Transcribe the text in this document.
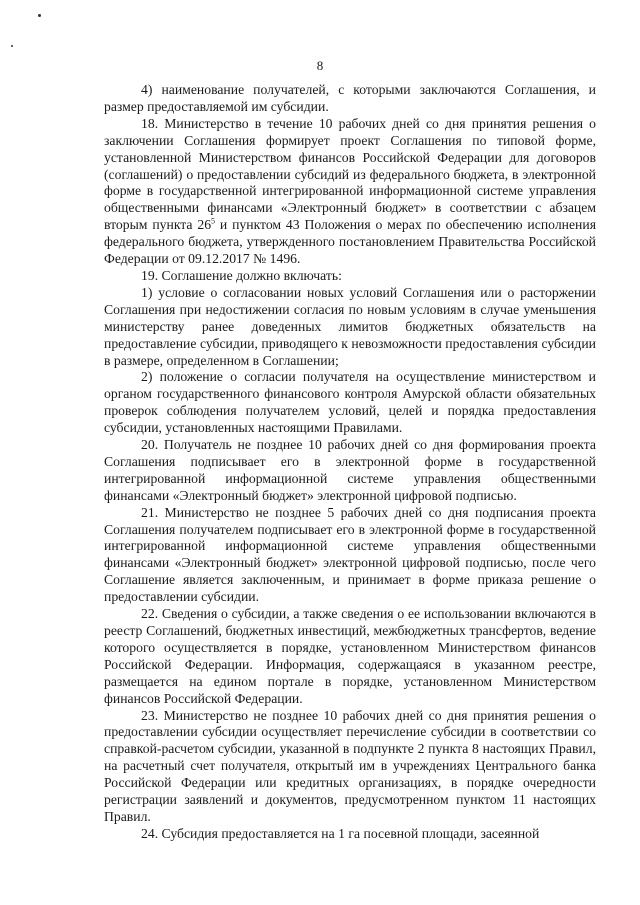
8

4) наименование получателей, с которыми заключаются Соглашения, и размер предоставляемой им субсидии.

18. Министерство в течение 10 рабочих дней со дня принятия решения о заключении Соглашения формирует проект Соглашения по типовой форме, установленной Министерством финансов Российской Федерации для договоров (соглашений) о предоставлении субсидий из федерального бюджета, в электронной форме в государственной интегрированной информационной системе управления общественными финансами «Электронный бюджет» в соответствии с абзацем вторым пункта $26^5$ и пунктом 43 Положения о мерах по обеспечению исполнения федерального бюджета, утвержденного постановлением Правительства Российской Федерации от 09.12.2017 № 1496.

19. Соглашение должно включать:

1) условие о согласовании новых условий Соглашения или о расторжении Соглашения при недостижении согласия по новым условиям в случае уменьшения министерству ранее доведенных лимитов бюджетных обязательств на предоставление субсидии, приводящего к невозможности предоставления субсидии в размере, определенном в Соглашении;

2) положение о согласии получателя на осуществление министерством и органом государственного финансового контроля Амурской области обязательных проверок соблюдения получателем условий, целей и порядка предоставления субсидии, установленных настоящими Правилами.

20. Получатель не позднее 10 рабочих дней со дня формирования проекта Соглашения подписывает его в электронной форме в государственной интегрированной информационной системе управления общественными финансами «Электронный бюджет» электронной цифровой подписью.

21. Министерство не позднее 5 рабочих дней со дня подписания проекта Соглашения получателем подписывает его в электронной форме в государственной интегрированной информационной системе управления общественными финансами «Электронный бюджет» электронной цифровой подписью, после чего Соглашение является заключенным, и принимает в форме приказа решение о предоставлении субсидии.

22. Сведения о субсидии, а также сведения о ее использовании включаются в реестр Соглашений, бюджетных инвестиций, межбюджетных трансфертов, ведение которого осуществляется в порядке, установленном Министерством финансов Российской Федерации. Информация, содержащаяся в указанном реестре, размещается на едином портале в порядке, установленном Министерством финансов Российской Федерации.

23. Министерство не позднее 10 рабочих дней со дня принятия решения о предоставлении субсидии осуществляет перечисление субсидии в соответствии со справкой-расчетом субсидии, указанной в подпункте 2 пункта 8 настоящих Правил, на расчетный счет получателя, открытый им в учреждениях Центрального банка Российской Федерации или кредитных организациях, в порядке очередности регистрации заявлений и документов, предусмотренном пунктом 11 настоящих Правил.

24. Субсидия предоставляется на 1 га посевной площади, засеянной
